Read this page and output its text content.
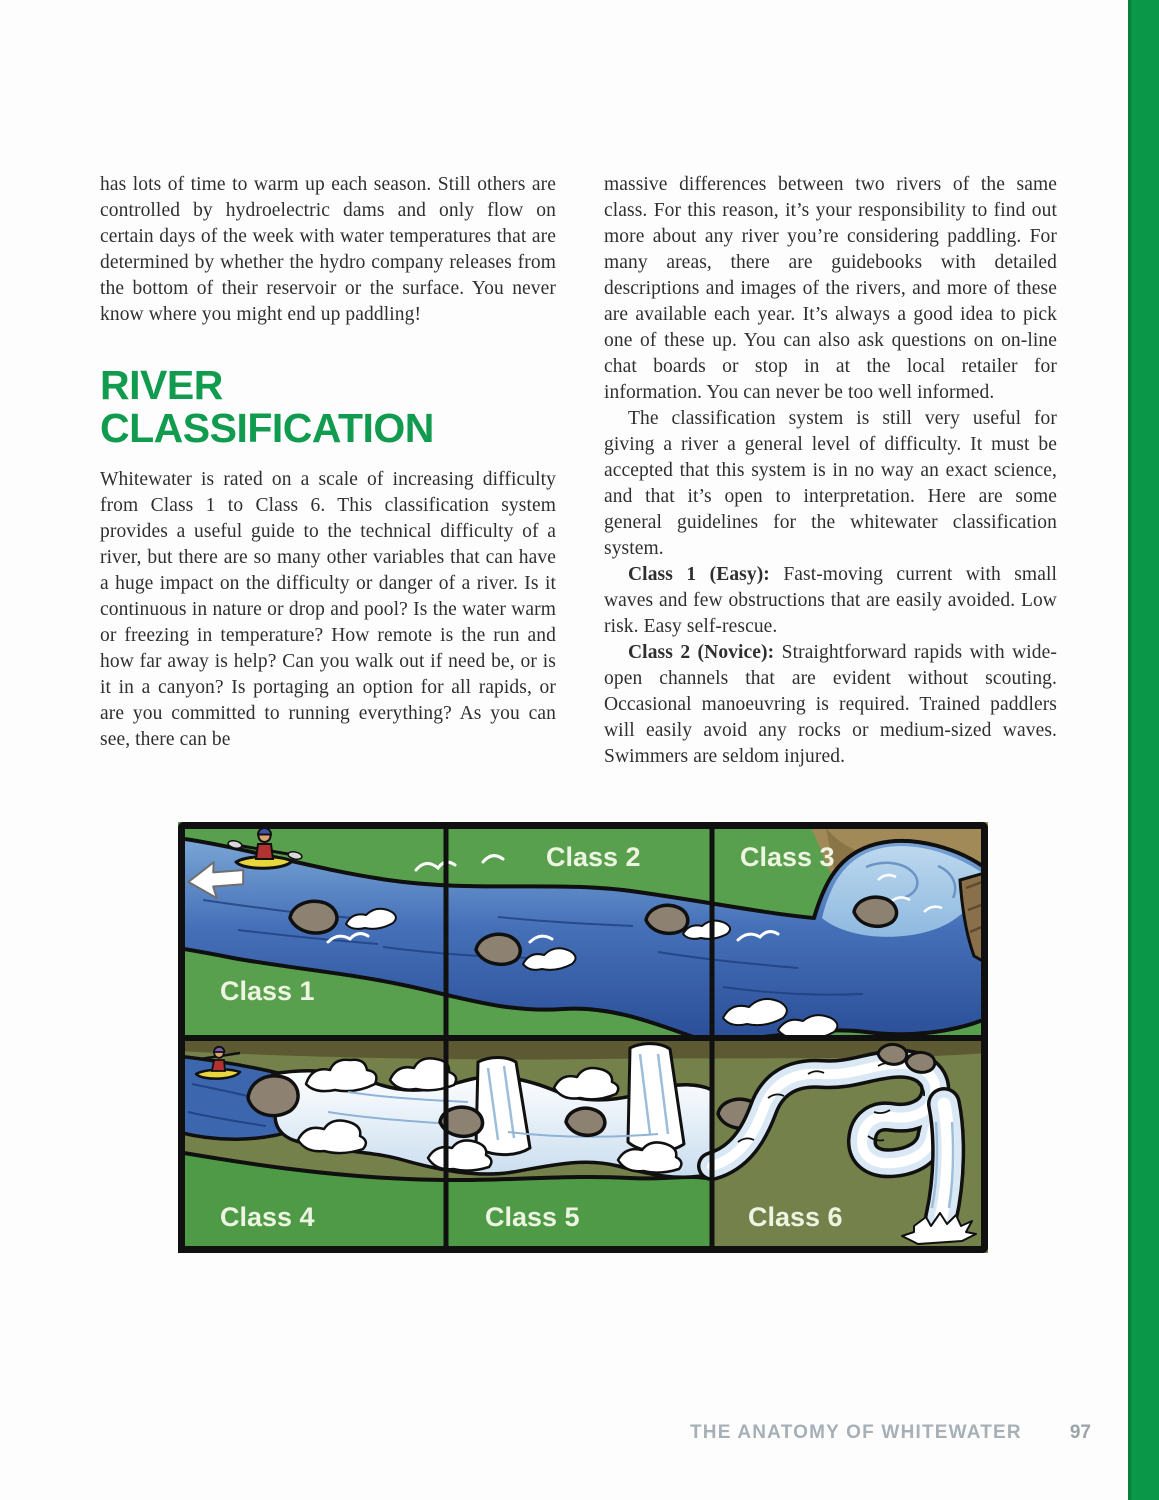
has lots of time to warm up each season. Still others are controlled by hydroelectric dams and only flow on certain days of the week with water temperatures that are determined by whether the hydro company releases from the bottom of their reservoir or the surface. You never know where you might end up paddling!

RIVER
CLASSIFICATION

Whitewater is rated on a scale of increasing difficulty from Class 1 to Class 6. This classification system provides a useful guide to the technical difficulty of a river, but there are so many other variables that can have a huge impact on the difficulty or danger of a river. Is it continuous in nature or drop and pool? Is the water warm or freezing in temperature? How remote is the run and how far away is help? Can you walk out if need be, or is it in a canyon? Is portaging an option for all rapids, or are you committed to running everything? As you can see, there can be

massive differences between two rivers of the same class. For this reason, it’s your responsibility to find out more about any river you’re considering paddling. For many areas, there are guidebooks with detailed descriptions and images of the rivers, and more of these are available each year. It’s always a good idea to pick one of these up. You can also ask questions on on-line chat boards or stop in at the local retailer for information. You can never be too well informed.

The classification system is still very useful for giving a river a general level of difficulty. It must be accepted that this system is in no way an exact science, and that it’s open to interpretation. Here are some general guidelines for the whitewater classification system.

Class 1 (Easy): Fast-moving current with small waves and few obstructions that are easily avoided. Low risk. Easy self-rescue.

Class 2 (Novice): Straightforward rapids with wide-open channels that are evident without scouting. Occasional manoeuvring is required. Trained paddlers will easily avoid any rocks or medium-sized waves. Swimmers are seldom injured.

Class 1
Class 2	Class 3
Class 4	Class 5	Class 6
THE ANATOMY OF WHITEWATER	97
